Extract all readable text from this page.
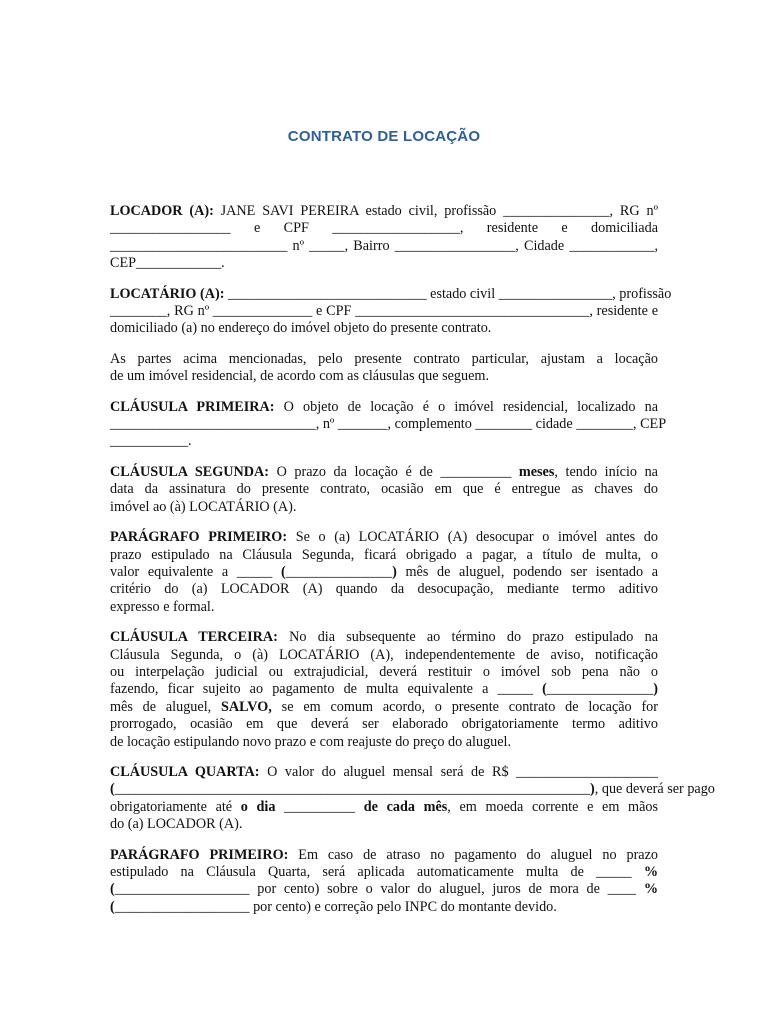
CONTRATO DE LOCAÇÃO

LOCADOR (A): JANE SAVI PEREIRA estado civil, profissão _______________, RG nº
_________________ e CPF __________________, residente e domiciliada
_________________________ nº _____, Bairro _________________, Cidade ____________,
CEP____________.

LOCATÁRIO (A): ____________________________ estado civil ________________, profissão
________, RG nº ______________ e CPF _________________________________, residente e
domiciliado (a) no endereço do imóvel objeto do presente contrato.

As partes acima mencionadas, pelo presente contrato particular, ajustam a locação
de um imóvel residencial, de acordo com as cláusulas que seguem.

CLÁUSULA PRIMEIRA: O objeto de locação é o imóvel residencial, localizado na
_____________________________, nº _______, complemento ________ cidade ________, CEP
___________.

CLÁUSULA SEGUNDA: O prazo da locação é de __________ meses, tendo início na
data da assinatura do presente contrato, ocasião em que é entregue as chaves do
imóvel ao (à) LOCATÁRIO (A).

PARÁGRAFO PRIMEIRO: Se o (a) LOCATÁRIO (A) desocupar o imóvel antes do
prazo estipulado na Cláusula Segunda, ficará obrigado a pagar, a título de multa, o
valor equivalente a _____ (_______________) mês de aluguel, podendo ser isentado a
critério do (a) LOCADOR (A) quando da desocupação, mediante termo aditivo
expresso e formal.

CLÁUSULA TERCEIRA: No dia subsequente ao término do prazo estipulado na
Cláusula Segunda, o (à) LOCATÁRIO (A), independentemente de aviso, notificação
ou interpelação judicial ou extrajudicial, deverá restituir o imóvel sob pena não o
fazendo, ficar sujeito ao pagamento de multa equivalente a _____ (_______________)
mês de aluguel, SALVO, se em comum acordo, o presente contrato de locação for
prorrogado, ocasião em que deverá ser elaborado obrigatoriamente termo aditivo
de locação estipulando novo prazo e com reajuste do preço do aluguel.

CLÁUSULA QUARTA: O valor do aluguel mensal será de R$ ____________________
(___________________________________________________________________), que deverá ser pago
obrigatoriamente até o dia __________ de cada mês, em moeda corrente e em mãos
do (a) LOCADOR (A).

PARÁGRAFO PRIMEIRO: Em caso de atraso no pagamento do aluguel no prazo
estipulado na Cláusula Quarta, será aplicada automaticamente multa de _____ %
(___________________ por cento) sobre o valor do aluguel, juros de mora de ____ %
(___________________ por cento) e correção pelo INPC do montante devido.
